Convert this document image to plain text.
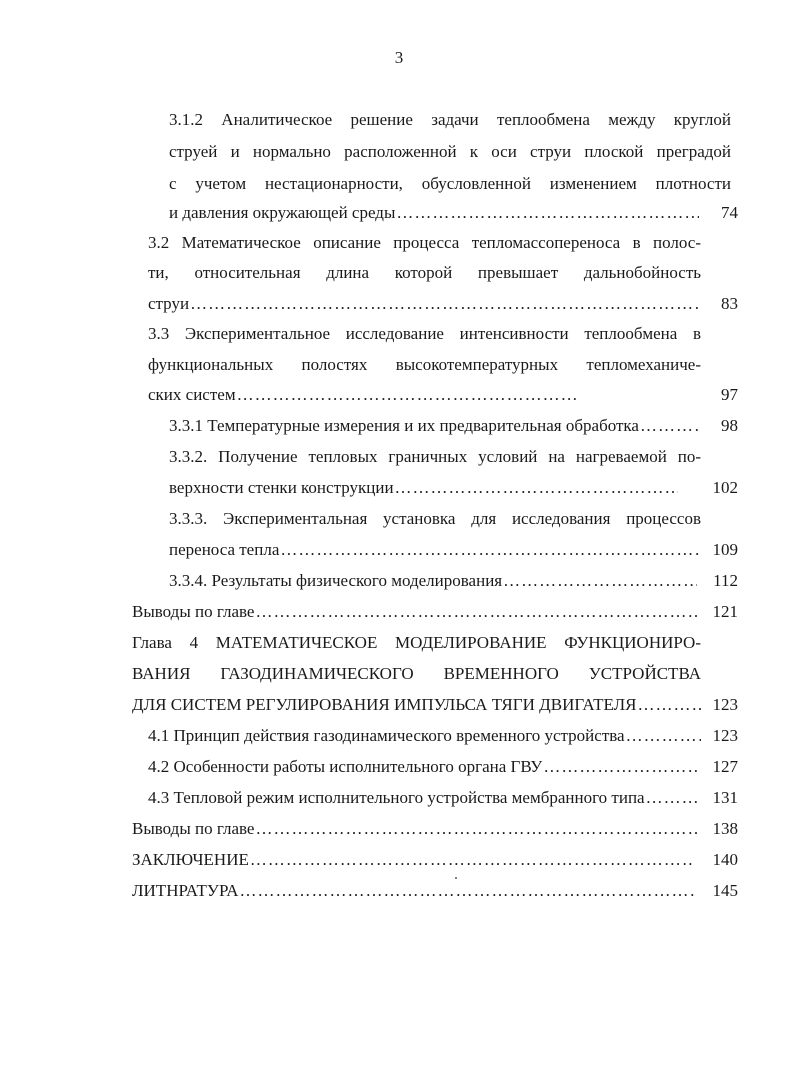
3
3.1.2 Аналитическое решение задачи теплообмена между круглой
струей и нормально расположенной к оси струи плоской преградой
с учетом нестационарности, обусловленной изменением плотности
и давления окружающей среды ………………………………………………………………………………………………………………………………………………	74
3.2 Математическое описание процесса тепломассопереноса в полос-
ти, относительная длина которой превышает дальнобойность
струи ………………………………………………………………………………………………………………………………………………	83
3.3 Экспериментальное исследование интенсивности теплообмена в
функциональных полостях высокотемпературных тепломеханиче-
ских систем ………………………………………………………………………………………………………………………………………………	97
3.3.1 Температурные измерения и их предварительная обработка ………………………………………………………………………………………………………………………………………………	98
3.3.2. Получение тепловых граничных условий на нагреваемой по-
верхности стенки конструкции ………………………………………………………………………………………………………………………………………………	102
3.3.3. Экспериментальная установка для исследования процессов
переноса тепла ………………………………………………………………………………………………………………………………………………	109
3.3.4. Результаты физического моделирования ………………………………………………………………………………………………………………………………………………	112
Выводы по главе ………………………………………………………………………………………………………………………………………………	121
Глава 4 МАТЕМАТИЧЕСКОЕ МОДЕЛИРОВАНИЕ ФУНКЦИОНИРО-
ВАНИЯ ГАЗОДИНАМИЧЕСКОГО ВРЕМЕННОГО УСТРОЙСТВА
ДЛЯ СИСТЕМ РЕГУЛИРОВАНИЯ ИМПУЛЬСА ТЯГИ ДВИГАТЕЛЯ ………………………………………………………………………………………………………………………………………………	123
4.1 Принцип действия газодинамического временного устройства ………………………………………………………………………………………………………………………………………………	123
4.2 Особенности работы исполнительного органа ГВУ ………………………………………………………………………………………………………………………………………………	127
4.3 Тепловой режим исполнительного устройства мембранного типа ………………………………………………………………………………………………………………………………………………	131
Выводы по главе ………………………………………………………………………………………………………………………………………………	138
ЗАКЛЮЧЕНИЕ ………………………………………………………………………………………………………………………………………………	140
ЛИТНРАТУРА ………………………………………………………………………………………………………………………………………………	145
